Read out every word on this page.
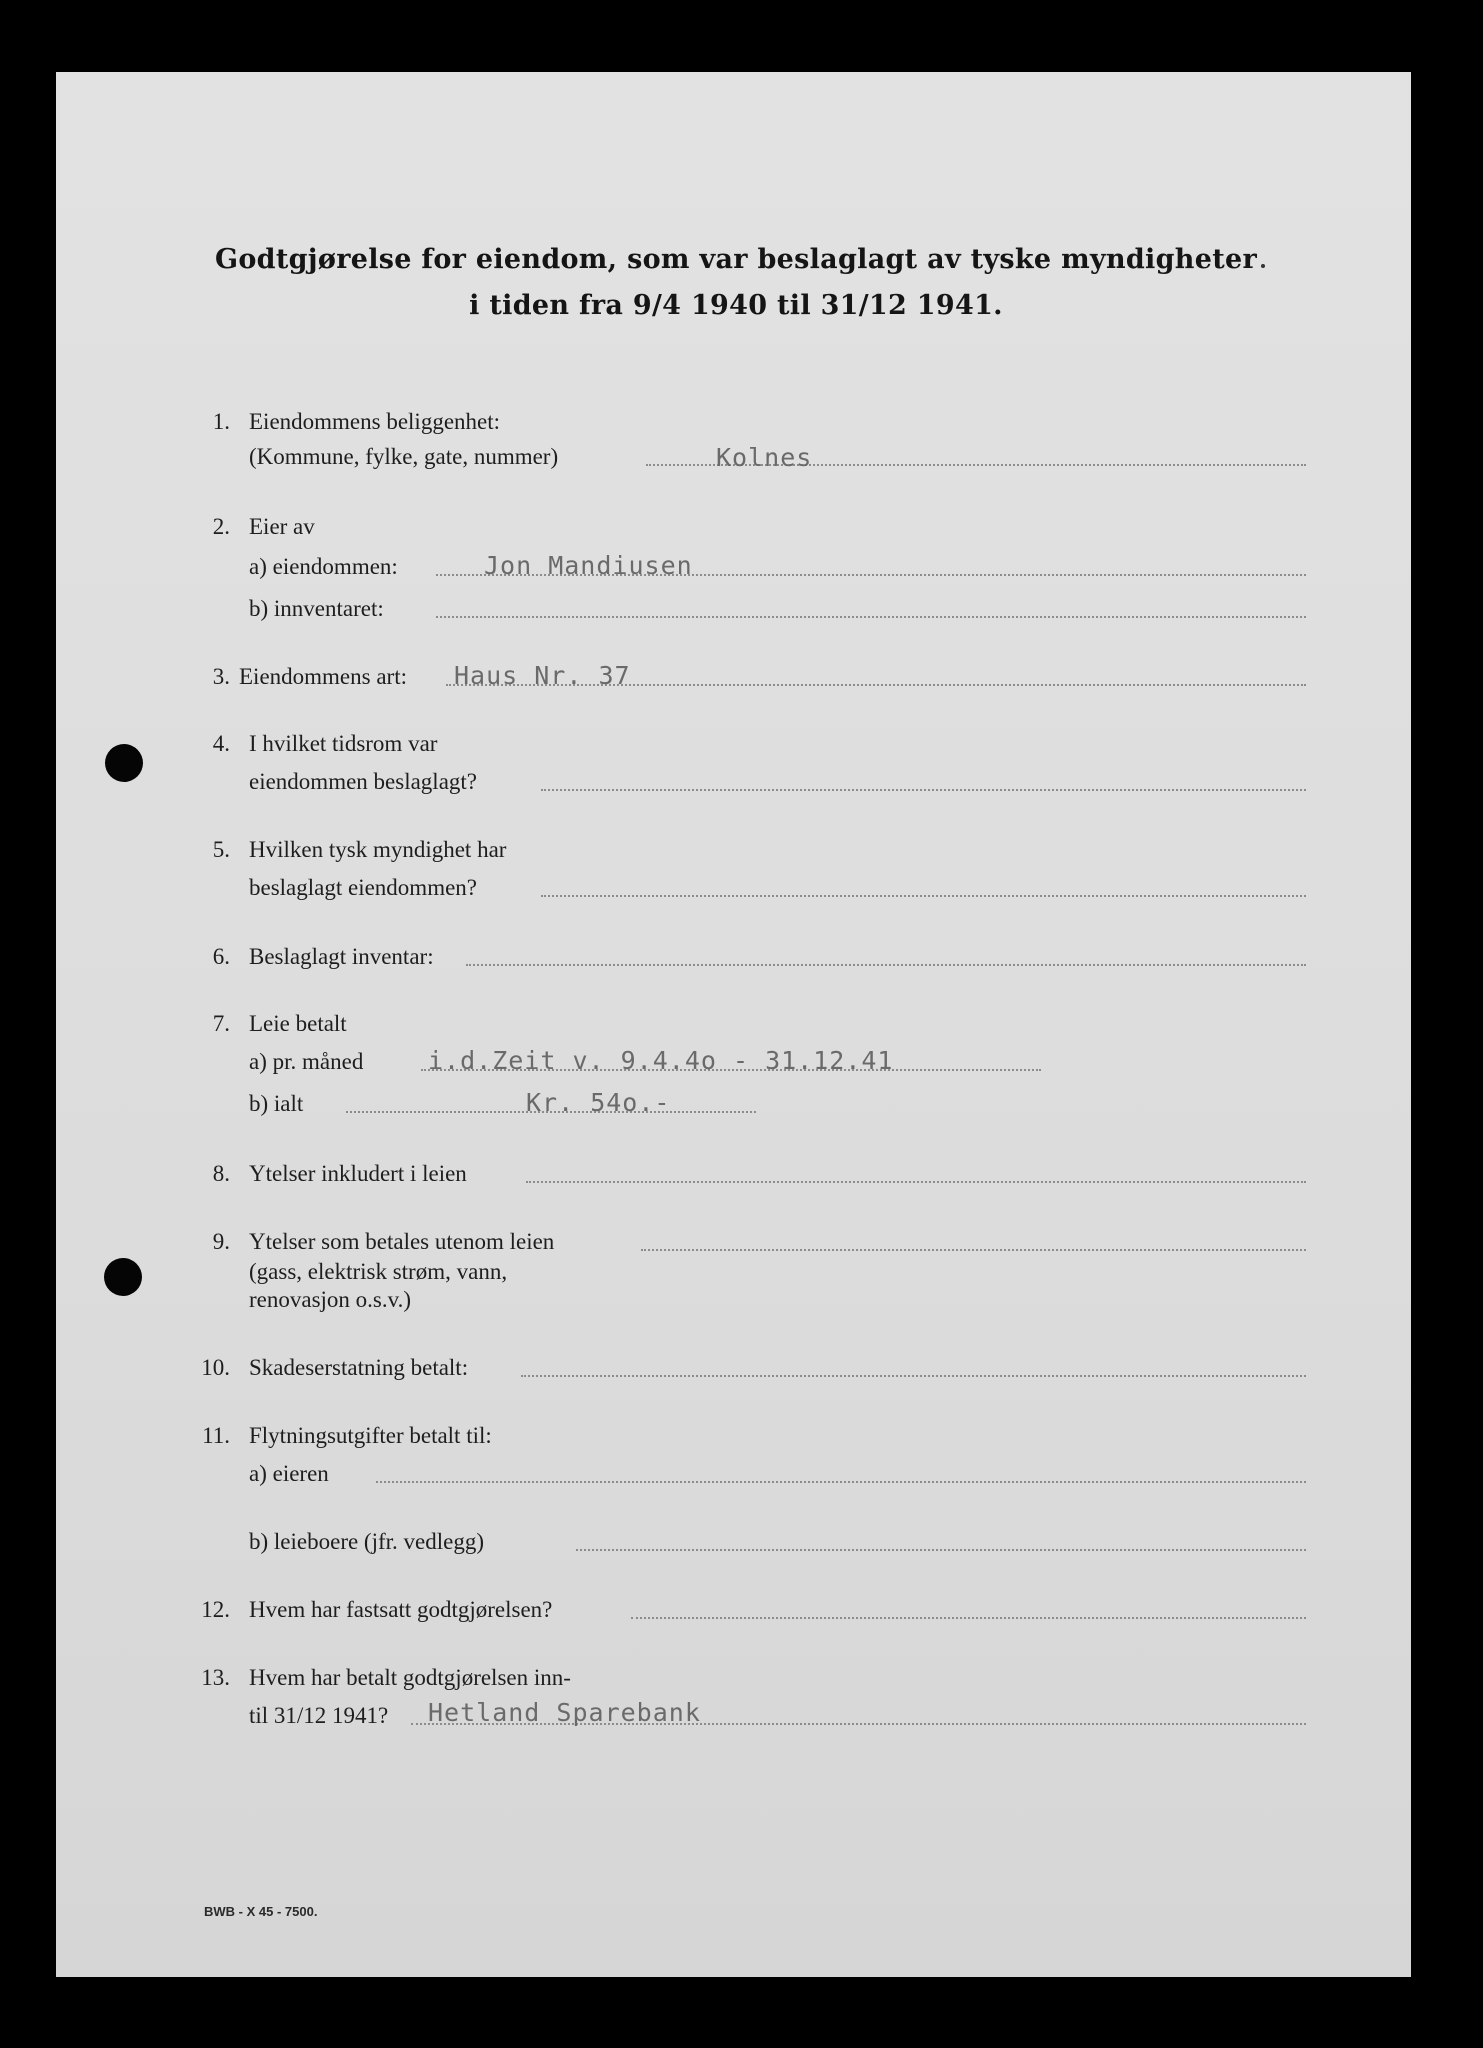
Godtgjørelse for eiendom, som var beslaglagt av tyske myndigheter
i tiden fra 9/4 1940 til 31/12 1941.
1. Eiendommens beliggenhet:
(Kommune, fylke, gate, nummer)	Kolnes
2. Eier av
a) eiendommen:	Jon Mandiusen
b) innventaret:
3. Eiendommens art: Haus Nr. 37
4. I hvilket tidsrom var
eiendommen beslaglagt?
5. Hvilken tysk myndighet har
beslaglagt eiendommen?
6. Beslaglagt inventar:
7. Leie betalt
a) pr. måned	i.d.Zeit v. 9.4.4o - 31.12.41
b) ialt	Kr. 54o.-
8. Ytelser inkludert i leien
9. Ytelser som betales utenom leien
(gass, elektrisk strøm, vann,
renovasjon o.s.v.)
10. Skadeserstatning betalt:
11. Flytningsutgifter betalt til:
a) eieren
b) leieboere (jfr. vedlegg)
12. Hvem har fastsatt godtgjørelsen?
13. Hvem har betalt godtgjørelsen inn-
til 31/12 1941? Hetland Sparebank
BWB - X 45 - 7500.
